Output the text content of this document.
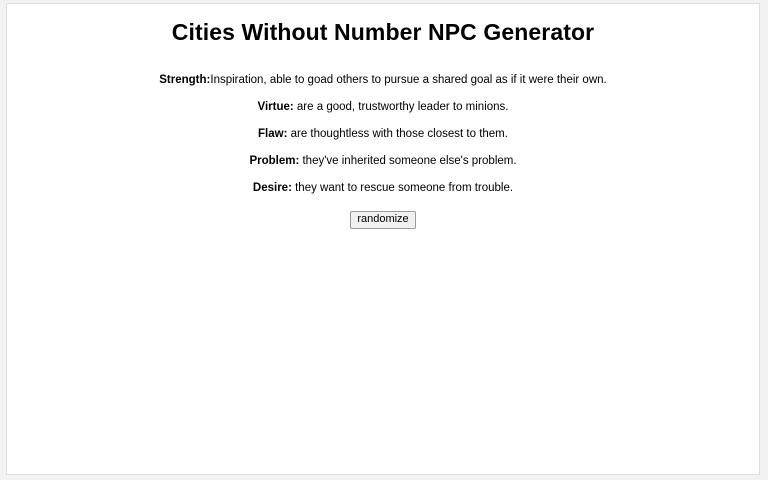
Cities Without Number NPC Generator
Strength:Inspiration, able to goad others to pursue a shared goal as if it were their own.
Virtue: are a good, trustworthy leader to minions.
Flaw: are thoughtless with those closest to them.
Problem: they've inherited someone else's problem.
Desire: they want to rescue someone from trouble.
randomize
